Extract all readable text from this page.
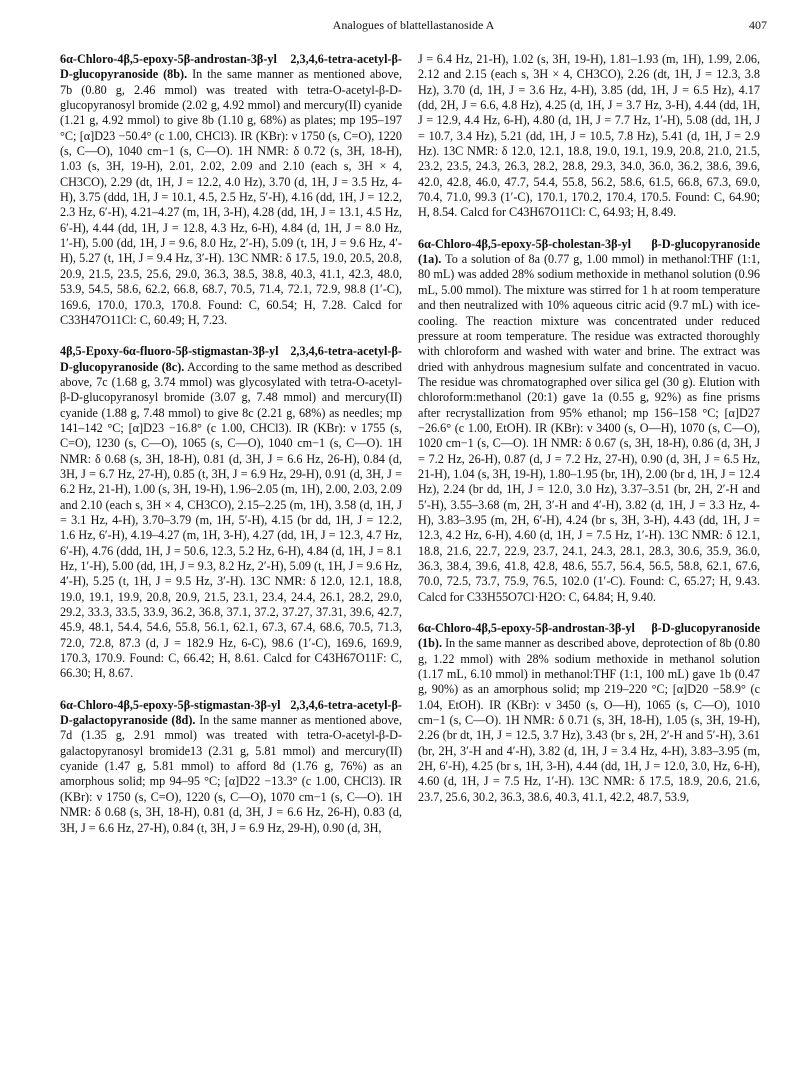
Analogues of blattellastanoside A	407

6α-Chloro-4β,5-epoxy-5β-androstan-3β-yl 2,3,4,6-tetra-acetyl-β-D-glucopyranoside (8b). In the same manner as mentioned above, 7b (0.80 g, 2.46 mmol) was treated with tetra-O-acetyl-β-D-glucopyranosyl bromide (2.02 g, 4.92 mmol) and mercury(II) cyanide (1.21 g, 4.92 mmol) to give 8b (1.10 g, 68%) as plates; mp 195–197 °C; [α]D23 −50.4° (c 1.00, CHCl3). IR (KBr): ν 1750 (s, C=O), 1220 (s, C—O), 1040 cm−1 (s, C—O). 1H NMR: δ 0.72 (s, 3H, 18-H), 1.03 (s, 3H, 19-H), 2.01, 2.02, 2.09 and 2.10 (each s, 3H × 4, CH3CO), 2.29 (dt, 1H, J = 12.2, 4.0 Hz), 3.70 (d, 1H, J = 3.5 Hz, 4-H), 3.75 (ddd, 1H, J = 10.1, 4.5, 2.5 Hz, 5′-H), 4.16 (dd, 1H, J = 12.2, 2.3 Hz, 6′-H), 4.21–4.27 (m, 1H, 3-H), 4.28 (dd, 1H, J = 13.1, 4.5 Hz, 6′-H), 4.44 (dd, 1H, J = 12.8, 4.3 Hz, 6-H), 4.84 (d, 1H, J = 8.0 Hz, 1′-H), 5.00 (dd, 1H, J = 9.6, 8.0 Hz, 2′-H), 5.09 (t, 1H, J = 9.6 Hz, 4′-H), 5.27 (t, 1H, J = 9.4 Hz, 3′-H). 13C NMR: δ 17.5, 19.0, 20.5, 20.8, 20.9, 21.5, 23.5, 25.6, 29.0, 36.3, 38.5, 38.8, 40.3, 41.1, 42.3, 48.0, 53.9, 54.5, 58.6, 62.2, 66.8, 68.7, 70.5, 71.4, 72.1, 72.9, 98.8 (1′-C), 169.6, 170.0, 170.3, 170.8. Found: C, 60.54; H, 7.28. Calcd for C33H47O11Cl: C, 60.49; H, 7.23.

4β,5-Epoxy-6α-fluoro-5β-stigmastan-3β-yl 2,3,4,6-tetra-acetyl-β-D-glucopyranoside (8c). According to the same method as described above, 7c (1.68 g, 3.74 mmol) was glycosylated with tetra-O-acetyl-β-D-glucopyranosyl bromide (3.07 g, 7.48 mmol) and mercury(II) cyanide (1.88 g, 7.48 mmol) to give 8c (2.21 g, 68%) as needles; mp 141–142 °C; [α]D23 −16.8° (c 1.00, CHCl3). IR (KBr): ν 1755 (s, C=O), 1230 (s, C—O), 1065 (s, C—O), 1040 cm−1 (s, C—O). 1H NMR: δ 0.68 (s, 3H, 18-H), 0.81 (d, 3H, J = 6.6 Hz, 26-H), 0.84 (d, 3H, J = 6.7 Hz, 27-H), 0.85 (t, 3H, J = 6.9 Hz, 29-H), 0.91 (d, 3H, J = 6.2 Hz, 21-H), 1.00 (s, 3H, 19-H), 1.96–2.05 (m, 1H), 2.00, 2.03, 2.09 and 2.10 (each s, 3H × 4, CH3CO), 2.15–2.25 (m, 1H), 3.58 (d, 1H, J = 3.1 Hz, 4-H), 3.70–3.79 (m, 1H, 5′-H), 4.15 (br dd, 1H, J = 12.2, 1.6 Hz, 6′-H), 4.19–4.27 (m, 1H, 3-H), 4.27 (dd, 1H, J = 12.3, 4.7 Hz, 6′-H), 4.76 (ddd, 1H, J = 50.6, 12.3, 5.2 Hz, 6-H), 4.84 (d, 1H, J = 8.1 Hz, 1′-H), 5.00 (dd, 1H, J = 9.3, 8.2 Hz, 2′-H), 5.09 (t, 1H, J = 9.6 Hz, 4′-H), 5.25 (t, 1H, J = 9.5 Hz, 3′-H). 13C NMR: δ 12.0, 12.1, 18.8, 19.0, 19.1, 19.9, 20.8, 20.9, 21.5, 23.1, 23.4, 24.4, 26.1, 28.2, 29.0, 29.2, 33.3, 33.5, 33.9, 36.2, 36.8, 37.1, 37.2, 37.27, 37.31, 39.6, 42.7, 45.9, 48.1, 54.4, 54.6, 55.8, 56.1, 62.1, 67.3, 67.4, 68.6, 70.5, 71.3, 72.0, 72.8, 87.3 (d, J = 182.9 Hz, 6-C), 98.6 (1′-C), 169.6, 169.9, 170.3, 170.9. Found: C, 66.42; H, 8.61. Calcd for C43H67O11F: C, 66.30; H, 8.67.

6α-Chloro-4β,5-epoxy-5β-stigmastan-3β-yl 2,3,4,6-tetra-acetyl-β-D-galactopyranoside (8d). In the same manner as mentioned above, 7d (1.35 g, 2.91 mmol) was treated with tetra-O-acetyl-β-D-galactopyranosyl bromide13 (2.31 g, 5.81 mmol) and mercury(II) cyanide (1.47 g, 5.81 mmol) to afford 8d (1.76 g, 76%) as an amorphous solid; mp 94–95 °C; [α]D22 −13.3° (c 1.00, CHCl3). IR (KBr): ν 1750 (s, C=O), 1220 (s, C—O), 1070 cm−1 (s, C—O). 1H NMR: δ 0.68 (s, 3H, 18-H), 0.81 (d, 3H, J = 6.6 Hz, 26-H), 0.83 (d, 3H, J = 6.6 Hz, 27-H), 0.84 (t, 3H, J = 6.9 Hz, 29-H), 0.90 (d, 3H,

J = 6.4 Hz, 21-H), 1.02 (s, 3H, 19-H), 1.81–1.93 (m, 1H), 1.99, 2.06, 2.12 and 2.15 (each s, 3H × 4, CH3CO), 2.26 (dt, 1H, J = 12.3, 3.8 Hz), 3.70 (d, 1H, J = 3.6 Hz, 4-H), 3.85 (dd, 1H, J = 6.5 Hz), 4.17 (dd, 2H, J = 6.6, 4.8 Hz), 4.25 (d, 1H, J = 3.7 Hz, 3-H), 4.44 (dd, 1H, J = 12.9, 4.4 Hz, 6-H), 4.80 (d, 1H, J = 7.7 Hz, 1′-H), 5.08 (dd, 1H, J = 10.7, 3.4 Hz), 5.21 (dd, 1H, J = 10.5, 7.8 Hz), 5.41 (d, 1H, J = 2.9 Hz). 13C NMR: δ 12.0, 12.1, 18.8, 19.0, 19.1, 19.9, 20.8, 21.0, 21.5, 23.2, 23.5, 24.3, 26.3, 28.2, 28.8, 29.3, 34.0, 36.0, 36.2, 38.6, 39.6, 42.0, 42.8, 46.0, 47.7, 54.4, 55.8, 56.2, 58.6, 61.5, 66.8, 67.3, 69.0, 70.4, 71.0, 99.3 (1′-C), 170.1, 170.2, 170.4, 170.5. Found: C, 64.90; H, 8.54. Calcd for C43H67O11Cl: C, 64.93; H, 8.49.

6α-Chloro-4β,5-epoxy-5β-cholestan-3β-yl β-D-glucopyranoside (1a). To a solution of 8a (0.77 g, 1.00 mmol) in methanol:THF (1:1, 80 mL) was added 28% sodium methoxide in methanol solution (0.96 mL, 5.00 mmol). The mixture was stirred for 1 h at room temperature and then neutralized with 10% aqueous citric acid (9.7 mL) with ice-cooling. The reaction mixture was concentrated under reduced pressure at room temperature. The residue was extracted thoroughly with chloroform and washed with water and brine. The extract was dried with anhydrous magnesium sulfate and concentrated in vacuo. The residue was chromatographed over silica gel (30 g). Elution with chloroform:methanol (20:1) gave 1a (0.55 g, 92%) as fine prisms after recrystallization from 95% ethanol; mp 156–158 °C; [α]D27 −26.6° (c 1.00, EtOH). IR (KBr): ν 3400 (s, O—H), 1070 (s, C—O), 1020 cm−1 (s, C—O). 1H NMR: δ 0.67 (s, 3H, 18-H), 0.86 (d, 3H, J = 7.2 Hz, 26-H), 0.87 (d, J = 7.2 Hz, 27-H), 0.90 (d, 3H, J = 6.5 Hz, 21-H), 1.04 (s, 3H, 19-H), 1.80–1.95 (br, 1H), 2.00 (br d, 1H, J = 12.4 Hz), 2.24 (br dd, 1H, J = 12.0, 3.0 Hz), 3.37–3.51 (br, 2H, 2′-H and 5′-H), 3.55–3.68 (m, 2H, 3′-H and 4′-H), 3.82 (d, 1H, J = 3.3 Hz, 4-H), 3.83–3.95 (m, 2H, 6′-H), 4.24 (br s, 3H, 3-H), 4.43 (dd, 1H, J = 12.3, 4.2 Hz, 6-H), 4.60 (d, 1H, J = 7.5 Hz, 1′-H). 13C NMR: δ 12.1, 18.8, 21.6, 22.7, 22.9, 23.7, 24.1, 24.3, 28.1, 28.3, 30.6, 35.9, 36.0, 36.3, 38.4, 39.6, 41.8, 42.8, 48.6, 55.7, 56.4, 56.5, 58.8, 62.1, 67.6, 70.0, 72.5, 73.7, 75.9, 76.5, 102.0 (1′-C). Found: C, 65.27; H, 9.43. Calcd for C33H55O7Cl·H2O: C, 64.84; H, 9.40.

6α-Chloro-4β,5-epoxy-5β-androstan-3β-yl β-D-glucopyranoside (1b). In the same manner as described above, deprotection of 8b (0.80 g, 1.22 mmol) with 28% sodium methoxide in methanol solution (1.17 mL, 6.10 mmol) in methanol:THF (1:1, 100 mL) gave 1b (0.47 g, 90%) as an amorphous solid; mp 219–220 °C; [α]D20 −58.9° (c 1.04, EtOH). IR (KBr): ν 3450 (s, O—H), 1065 (s, C—O), 1010 cm−1 (s, C—O). 1H NMR: δ 0.71 (s, 3H, 18-H), 1.05 (s, 3H, 19-H), 2.26 (br dt, 1H, J = 12.5, 3.7 Hz), 3.43 (br s, 2H, 2′-H and 5′-H), 3.61 (br, 2H, 3′-H and 4′-H), 3.82 (d, 1H, J = 3.4 Hz, 4-H), 3.83–3.95 (m, 2H, 6′-H), 4.25 (br s, 1H, 3-H), 4.44 (dd, 1H, J = 12.0, 3.0, Hz, 6-H), 4.60 (d, 1H, J = 7.5 Hz, 1′-H). 13C NMR: δ 17.5, 18.9, 20.6, 21.6, 23.7, 25.6, 30.2, 36.3, 38.6, 40.3, 41.1, 42.2, 48.7, 53.9,
